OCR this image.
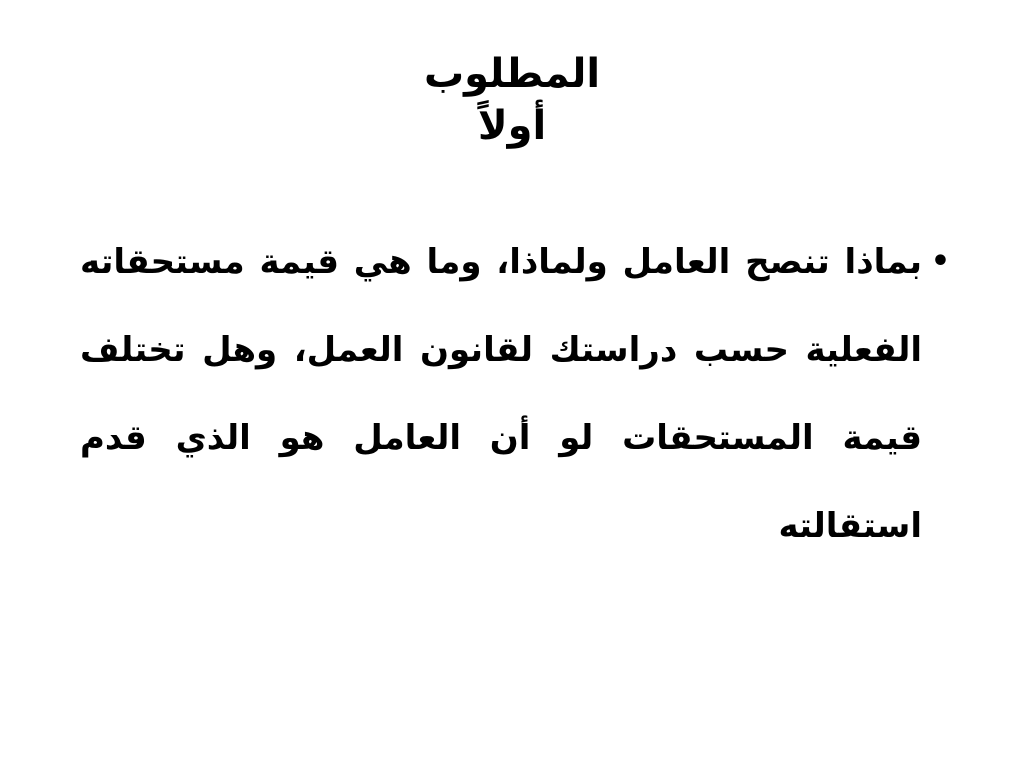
المطلوب
أولاً
•
بماذا تنصح العامل ولماذا، وما هي قيمة مستحقاته الفعلية حسب دراستك لقانون العمل، وهل تختلف قيمة المستحقات لو أن العامل هو الذي قدم استقالته
